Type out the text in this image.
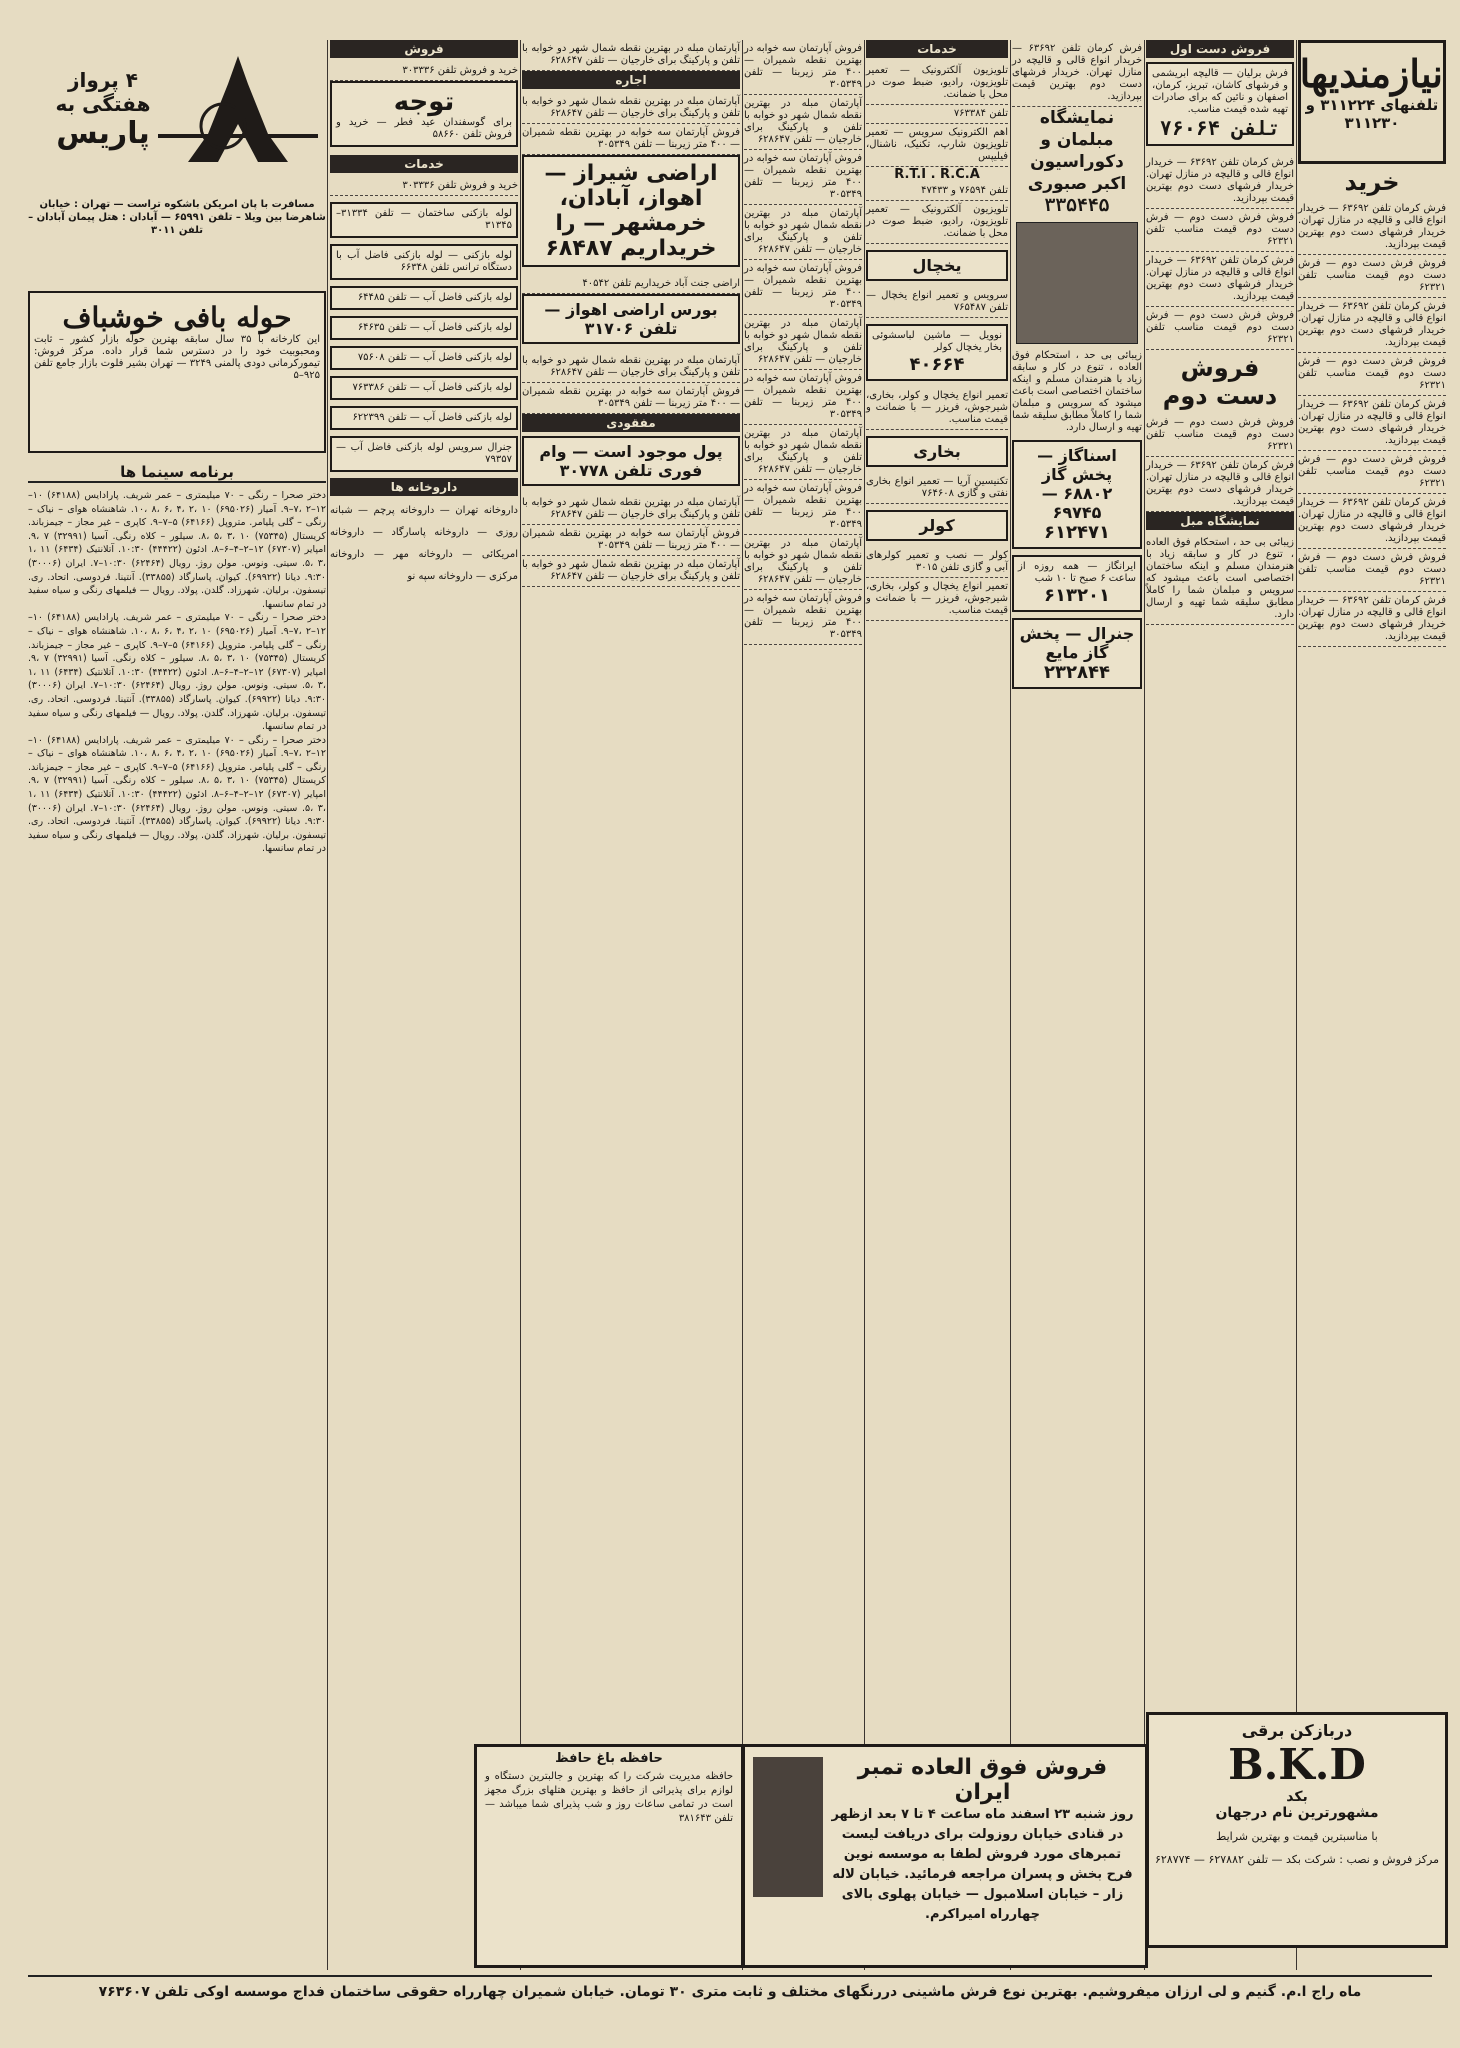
۴ پرواز هفتگی به
پاریس
مسافرت با پان امریکن باشکوه تراست — تهران : خیابان شاهرضا بین ویلا – تلفن ۶۵۹۹۱ — آبادان : هتل پیمان آبادان – تلفن ۳۰۱۱
حوله بافی خوشباف
این کارخانه با ۳۵ سال سابقه بهترین حوله بازار کشور – ثابت ومحبوبیت خود را در دسترس شما قرار داده. مرکز فروش: تیمورکرمانی دودی پالمنی ۳۲۴۹ — تهران بشیر فلوت بازار جامع تلفن ۹۲۵–۵
برنامه سینما ها
دختر صحرا – رنگی – ۷۰ میلیمتری – عمر شریف. پارادایس (۶۴۱۸۸) ۱۰–۱۲–۲ ،۷–۹. آمیار (۶۹۵۰۲۶) ۱۰ ،۲ ،۴ ،۶ ،۸ ،۱۰. شاهنشاه هوای – نیاک – رنگی – گلی پلیامر. متروپل (۶۴۱۶۶) ۵–۷–۹. کاپری – غیر مجاز – جیمزباند. کریستال (۷۵۳۴۵) ۱۰ ،۳ ،۵ ،۸. سیلور – کلاه رنگی. آسیا (۳۲۹۹۱) ۷ ،۹. امپایر (۶۷۳۰۷) ۱۲–۲–۴–۶–۸. ادئون (۴۴۴۲۲) ۱۰:۳۰. آتلانتیک (۶۴۳۴) ۱۱ ،۱ ،۳ ،۵. سیتی. ونوس. مولن روژ. رویال (۶۲۴۶۴) ۱۰:۳۰–۷. ایران (۳۰۰۰۶) ۹:۳۰. دیانا (۶۹۹۲۲). کیوان. پاسارگاد (۳۳۸۵۵). آنتینا. فردوسی. اتحاد. ری. تیسفون. برلیان. شهرزاد. گلدن. پولاد. رویال — فیلمهای رنگی و سیاه سفید در تمام سانسها.
دختر صحرا – رنگی – ۷۰ میلیمتری – عمر شریف. پارادایس (۶۴۱۸۸) ۱۰–۱۲–۲ ،۷–۹. آمیار (۶۹۵۰۲۶) ۱۰ ،۲ ،۴ ،۶ ،۸ ،۱۰. شاهنشاه هوای – نیاک – رنگی – گلی پلیامر. متروپل (۶۴۱۶۶) ۵–۷–۹. کاپری – غیر مجاز – جیمزباند. کریستال (۷۵۳۴۵) ۱۰ ،۳ ،۵ ،۸. سیلور – کلاه رنگی. آسیا (۳۲۹۹۱) ۷ ،۹. امپایر (۶۷۳۰۷) ۱۲–۲–۴–۶–۸. ادئون (۴۴۴۲۲) ۱۰:۳۰. آتلانتیک (۶۴۳۴) ۱۱ ،۱ ،۳ ،۵. سیتی. ونوس. مولن روژ. رویال (۶۲۴۶۴) ۱۰:۳۰–۷. ایران (۳۰۰۰۶) ۹:۳۰. دیانا (۶۹۹۲۲). کیوان. پاسارگاد (۳۳۸۵۵). آنتینا. فردوسی. اتحاد. ری. تیسفون. برلیان. شهرزاد. گلدن. پولاد. رویال — فیلمهای رنگی و سیاه سفید در تمام سانسها.
دختر صحرا – رنگی – ۷۰ میلیمتری – عمر شریف. پارادایس (۶۴۱۸۸) ۱۰–۱۲–۲ ،۷–۹. آمیار (۶۹۵۰۲۶) ۱۰ ،۲ ،۴ ،۶ ،۸ ،۱۰. شاهنشاه هوای – نیاک – رنگی – گلی پلیامر. متروپل (۶۴۱۶۶) ۵–۷–۹. کاپری – غیر مجاز – جیمزباند. کریستال (۷۵۳۴۵) ۱۰ ،۳ ،۵ ،۸. سیلور – کلاه رنگی. آسیا (۳۲۹۹۱) ۷ ،۹. امپایر (۶۷۳۰۷) ۱۲–۲–۴–۶–۸. ادئون (۴۴۴۲۲) ۱۰:۳۰. آتلانتیک (۶۴۳۴) ۱۱ ،۱ ،۳ ،۵. سیتی. ونوس. مولن روژ. رویال (۶۲۴۶۴) ۱۰:۳۰–۷. ایران (۳۰۰۰۶) ۹:۳۰. دیانا (۶۹۹۲۲). کیوان. پاسارگاد (۳۳۸۵۵). آنتینا. فردوسی. اتحاد. ری. تیسفون. برلیان. شهرزاد. گلدن. پولاد. رویال — فیلمهای رنگی و سیاه سفید در تمام سانسها.
فروش
خرید و فروش تلفن ۳۰۳۳۳۶
توجه
برای گوسفندان عید فطر — خرید و فروش تلفن ۵۸۶۶۰
خدمات
خرید و فروش تلفن ۳۰۳۳۳۶
لوله بازکنی ساختمان — تلفن ۳۱۳۳۴–۳۱۳۴۵
لوله بازکنی — لوله بازکنی فاضل آب با دستگاه ترانس تلفن ۶۶۳۴۸
لوله بازکنی فاضل آب — تلفن ۶۴۴۸۵
لوله بازکنی فاضل آب — تلفن ۶۴۶۳۵
لوله بازکنی فاضل آب — تلفن ۷۵۶۰۸
لوله بازکنی فاضل آب — تلفن ۷۶۳۳۸۶
لوله بازکنی فاضل آب — تلفن ۶۲۲۳۹۹
جنرال سرویس لوله بازکنی فاضل آب — ۷۹۳۵۷
داروخانه ها
داروخانه تهران — داروخانه پرچم — شبانه روزی — داروخانه پاسارگاد — داروخانه امریکائی — داروخانه مهر — داروخانه مرکزی — داروخانه سپه نو
آپارتمان مبله در بهترین نقطه شمال شهر دو خوابه با تلفن و پارکینگ برای خارجیان — تلفن ۶۲۸۶۴۷
اجاره
آپارتمان مبله در بهترین نقطه شمال شهر دو خوابه با تلفن و پارکینگ برای خارجیان — تلفن ۶۲۸۶۴۷
فروش آپارتمان سه خوابه در بهترین نقطه شمیران — ۴۰۰ متر زیربنا — تلفن ۳۰۵۳۴۹
اراضی شیراز — اهواز، آبادان، خرمشهر — را خریداریم ۶۸۴۸۷
اراضی جنت آباد خریداریم تلفن ۴۰۵۴۲
بورس اراضی اهواز — تلفن ۳۱۷۰۶
آپارتمان مبله در بهترین نقطه شمال شهر دو خوابه با تلفن و پارکینگ برای خارجیان — تلفن ۶۲۸۶۴۷
فروش آپارتمان سه خوابه در بهترین نقطه شمیران — ۴۰۰ متر زیربنا — تلفن ۳۰۵۳۴۹
مفقودی
پول موجود است — وام فوری تلفن ۳۰۷۷۸
آپارتمان مبله در بهترین نقطه شمال شهر دو خوابه با تلفن و پارکینگ برای خارجیان — تلفن ۶۲۸۶۴۷
فروش آپارتمان سه خوابه در بهترین نقطه شمیران — ۴۰۰ متر زیربنا — تلفن ۳۰۵۳۴۹
آپارتمان مبله در بهترین نقطه شمال شهر دو خوابه با تلفن و پارکینگ برای خارجیان — تلفن ۶۲۸۶۴۷
فروش آپارتمان سه خوابه در بهترین نقطه شمیران — ۴۰۰ متر زیربنا — تلفن ۳۰۵۳۴۹
آپارتمان مبله در بهترین نقطه شمال شهر دو خوابه با تلفن و پارکینگ برای خارجیان — تلفن ۶۲۸۶۴۷
فروش آپارتمان سه خوابه در بهترین نقطه شمیران — ۴۰۰ متر زیربنا — تلفن ۳۰۵۳۴۹
آپارتمان مبله در بهترین نقطه شمال شهر دو خوابه با تلفن و پارکینگ برای خارجیان — تلفن ۶۲۸۶۴۷
فروش آپارتمان سه خوابه در بهترین نقطه شمیران — ۴۰۰ متر زیربنا — تلفن ۳۰۵۳۴۹
آپارتمان مبله در بهترین نقطه شمال شهر دو خوابه با تلفن و پارکینگ برای خارجیان — تلفن ۶۲۸۶۴۷
فروش آپارتمان سه خوابه در بهترین نقطه شمیران — ۴۰۰ متر زیربنا — تلفن ۳۰۵۳۴۹
آپارتمان مبله در بهترین نقطه شمال شهر دو خوابه با تلفن و پارکینگ برای خارجیان — تلفن ۶۲۸۶۴۷
فروش آپارتمان سه خوابه در بهترین نقطه شمیران — ۴۰۰ متر زیربنا — تلفن ۳۰۵۳۴۹
آپارتمان مبله در بهترین نقطه شمال شهر دو خوابه با تلفن و پارکینگ برای خارجیان — تلفن ۶۲۸۶۴۷
فروش آپارتمان سه خوابه در بهترین نقطه شمیران — ۴۰۰ متر زیربنا — تلفن ۳۰۵۳۴۹
خدمات
تلویزیون آلکترونیک — تعمیر تلویزیون، رادیو، ضبط صوت در محل با ضمانت.
تلفن ۷۶۳۳۸۴
اهم الکترونیک سرویس — تعمیر تلویزیون شارپ، تکنیک، ناشنال، فیلیپس
R.T.I . R.C.A
تلفن ۷۶۵۹۴ و ۴۷۴۳۳
تلویزیون آلکترونیک — تعمیر تلویزیون، رادیو، ضبط صوت در محل با ضمانت.
یخچال
سرویس و تعمیر انواع یخچال — تلفن ۷۶۵۴۸۷
نوویل — ماشین لباسشوئی بخار یخچال کولر
۴۰۶۶۴
تعمیر انواع یخچال و کولر، بخاری، شیرجوش، فریزر — با ضمانت و قیمت مناسب.
بخاری
تکنیسین آریا — تعمیر انواع بخاری نفتی و گازی ۷۶۴۶۰۸
کولر
کولر — نصب و تعمیر کولرهای آبی و گازی تلفن ۳۰۱۵
تعمیر انواع یخچال و کولر، بخاری، شیرجوش، فریزر — با ضمانت و قیمت مناسب.
فرش کرمان تلفن ۶۳۶۹۲ — خریدار انواع قالی و قالیچه در منازل تهران. خریدار فرشهای دست دوم بهترین قیمت بپردازید.
نمایشگاه مبلمان و دکوراسیون اکبر صبوری
۳۳۵۴۴۵
زیبائی بی حد ، استحکام فوق العاده ، تنوع در کار و سابقه زیاد با هنرمندان مسلم و اینکه ساختمان اختصاصی است باعث میشود که سرویس و مبلمان شما را کاملاً مطابق سلیقه شما تهیه و ارسال دارد.
اسناگاز — پخش گاز ۶۸۸۰۲ — ۶۹۷۴۵
۶۱۲۴۷۱
ایرانگاز — همه روزه از ساعت ۶ صبح تا ۱۰ شب
۶۱۳۲۰۱
جنرال — پخش گاز مایع
۲۳۲۸۴۴
فروش دست اول
فرش برلیان — قالیچه ابریشمی و فرشهای کاشان، تبریز، کرمان، اصفهان و نائین که برای صادرات تهیه شده قیمت مناسب.
تلفن ۷۶۰۶۴
فرش کرمان تلفن ۶۳۶۹۲ — خریدار انواع قالی و قالیچه در منازل تهران. خریدار فرشهای دست دوم بهترین قیمت بپردازید.
فروش فرش دست دوم — فرش دست دوم قیمت مناسب تلفن ۶۲۳۲۱
فرش کرمان تلفن ۶۳۶۹۲ — خریدار انواع قالی و قالیچه در منازل تهران. خریدار فرشهای دست دوم بهترین قیمت بپردازید.
فروش فرش دست دوم — فرش دست دوم قیمت مناسب تلفن ۶۲۳۲۱
فروش دست دوم
فروش فرش دست دوم — فرش دست دوم قیمت مناسب تلفن ۶۲۳۲۱
فرش کرمان تلفن ۶۳۶۹۲ — خریدار انواع قالی و قالیچه در منازل تهران. خریدار فرشهای دست دوم بهترین قیمت بپردازید.
نمایشگاه مبل
زیبائی بی حد ، استحکام فوق العاده ، تنوع در کار و سابقه زیاد با هنرمندان مسلم و اینکه ساختمان اختصاصی است باعث میشود که سرویس و مبلمان شما را کاملاً مطابق سلیقه شما تهیه و ارسال دارد.
نیازمندیها
تلفنهای ۳۱۱۲۲۴ و ۳۱۱۲۳۰
خرید
فرش کرمان تلفن ۶۳۶۹۲ — خریدار انواع قالی و قالیچه در منازل تهران. خریدار فرشهای دست دوم بهترین قیمت بپردازید.
فروش فرش دست دوم — فرش دست دوم قیمت مناسب تلفن ۶۲۳۲۱
فرش کرمان تلفن ۶۳۶۹۲ — خریدار انواع قالی و قالیچه در منازل تهران. خریدار فرشهای دست دوم بهترین قیمت بپردازید.
فروش فرش دست دوم — فرش دست دوم قیمت مناسب تلفن ۶۲۳۲۱
فرش کرمان تلفن ۶۳۶۹۲ — خریدار انواع قالی و قالیچه در منازل تهران. خریدار فرشهای دست دوم بهترین قیمت بپردازید.
فروش فرش دست دوم — فرش دست دوم قیمت مناسب تلفن ۶۲۳۲۱
فرش کرمان تلفن ۶۳۶۹۲ — خریدار انواع قالی و قالیچه در منازل تهران. خریدار فرشهای دست دوم بهترین قیمت بپردازید.
فروش فرش دست دوم — فرش دست دوم قیمت مناسب تلفن ۶۲۳۲۱
فرش کرمان تلفن ۶۳۶۹۲ — خریدار انواع قالی و قالیچه در منازل تهران. خریدار فرشهای دست دوم بهترین قیمت بپردازید.
حافظه باغ حافظ
حافظه مدیریت شرکت را که بهترین و جالبترین دستگاه و لوازم برای پذیرائی از حافظ و بهترین هتلهای بزرگ مجهز است در تمامی ساعات روز و شب پذیرای شما میباشد — تلفن ۳۸۱۶۴۳
فروش فوق العاده تمبر ایران
روز شنبه ۲۳ اسفند ماه ساعت ۴ تا ۷ بعد ازظهر در قنادی خیابان روزولت برای دریافت لیست تمبرهای مورد فروش لطفا به موسسه نوین فرح بخش و پسران مراجعه فرمائید. خیابان لاله زار – خیابان اسلامبول — خیابان پهلوی بالای چهارراه امیراکرم.
دربازکن برقی
B.K.D
بکد
مشهورترین نام درجهان
با مناسبترین قیمت و بهترین شرایط
مرکز فروش و نصب : شرکت بکد — تلفن ۶۲۷۸۸۲ — ۶۲۸۷۷۴
ماه راج ا.م. گنیم و لی ارزان میفروشیم. بهترین نوع فرش ماشینی دررنگهای مختلف و ثابت متری ۳۰ تومان. خیابان شمیران چهارراه حقوقی ساختمان فداج موسسه اوکی تلفن ۷۶۳۶۰۷
